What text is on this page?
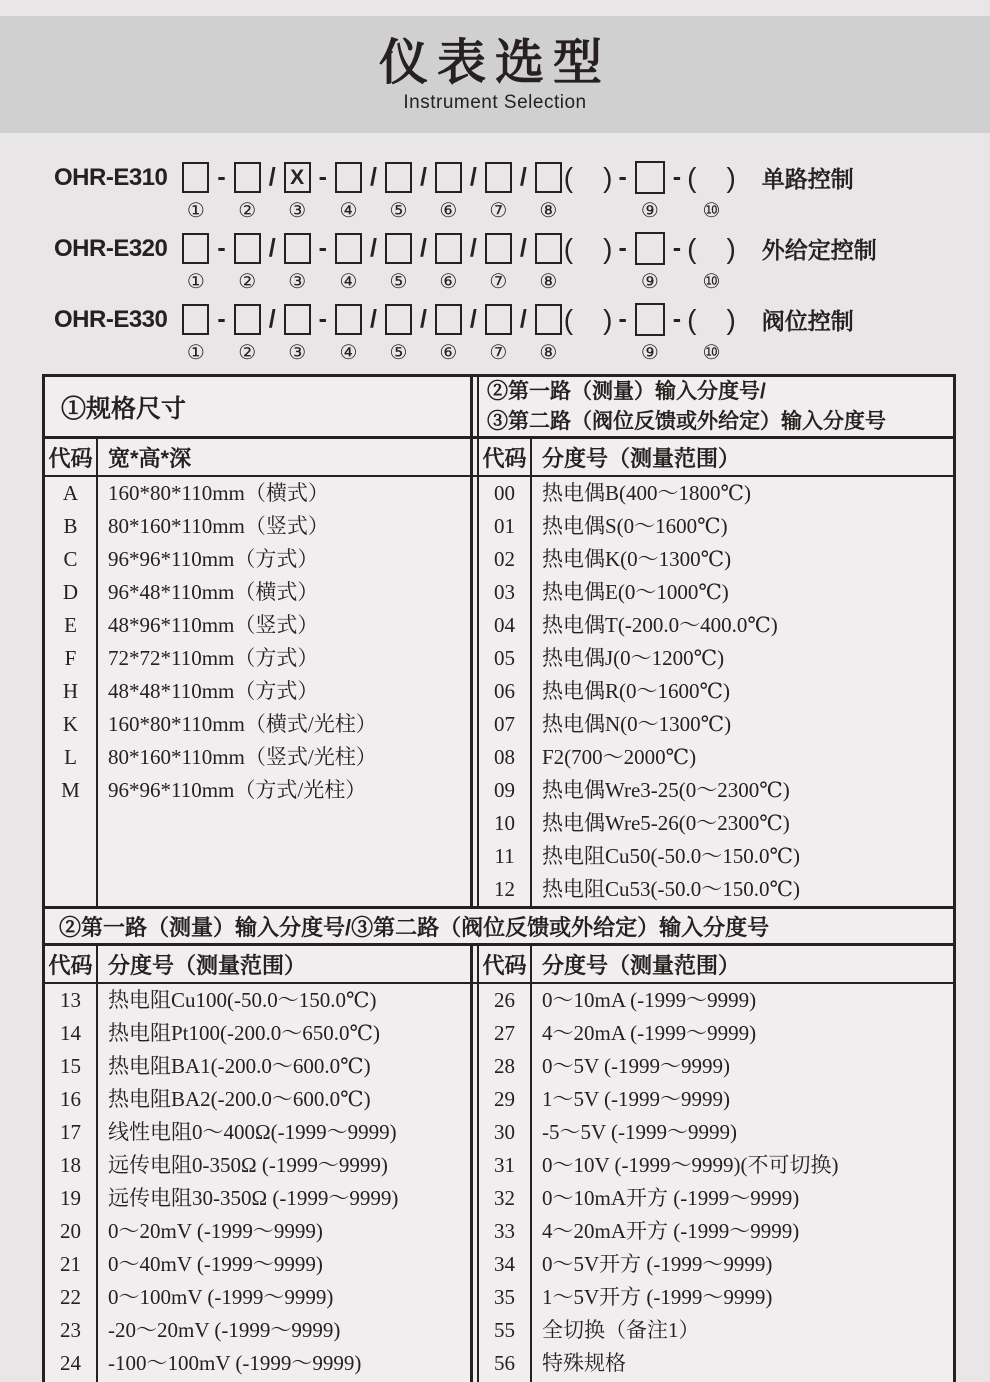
仪表选型
Instrument Selection
OHR-E310
①
-
②
/ X
③
-
④
/
⑤
/
⑥
/
⑦
/
⑧
( ) -
⑨
- ( )
⑩
单路控制
OHR-E320
①
-
②
/
③
-
④
/
⑤
/
⑥
/
⑦
/
⑧
( ) -
⑨
- ( )
⑩
外给定控制
OHR-E330
①
-
②
/
③
-
④
/
⑤
/
⑥
/
⑦
/
⑧
( ) -
⑨
- ( )
⑩
阀位控制
①规格尺寸
②第一路（测量）输入分度号/
③第二路（阀位反馈或外给定）输入分度号
代码 宽*高*深	代码 分度号（测量范围）
A
B
C
D
E
F
H
K
L
M
160*80*110mm（横式）
80*160*110mm（竖式）
96*96*110mm（方式）
96*48*110mm（横式）
48*96*110mm（竖式）
72*72*110mm（方式）
48*48*110mm（方式）
160*80*110mm（横式/光柱）
80*160*110mm（竖式/光柱）
96*96*110mm（方式/光柱）
00
01
02
03
04
05
06
07
08
09
10
11
12
热电偶B(400～1800℃)
热电偶S(0～1600℃)
热电偶K(0～1300℃)
热电偶E(0～1000℃)
热电偶T(-200.0～400.0℃)
热电偶J(0～1200℃)
热电偶R(0～1600℃)
热电偶N(0～1300℃)
F2(700～2000℃)
热电偶Wre3-25(0～2300℃)
热电偶Wre5-26(0～2300℃)
热电阻Cu50(-50.0～150.0℃)
热电阻Cu53(-50.0～150.0℃)
②第一路（测量）输入分度号/③第二路（阀位反馈或外给定）输入分度号
代码 分度号（测量范围）	代码 分度号（测量范围）
13
14
15
16
17
18
19
20
21
22
23
24
热电阻Cu100(-50.0～150.0℃)
热电阻Pt100(-200.0～650.0℃)
热电阻BA1(-200.0～600.0℃)
热电阻BA2(-200.0～600.0℃)
线性电阻0～400Ω(-1999～9999)
远传电阻0-350Ω (-1999～9999)
远传电阻30-350Ω (-1999～9999)
0～20mV (-1999～9999)
0～40mV (-1999～9999)
0～100mV (-1999～9999)
-20～20mV (-1999～9999)
-100～100mV (-1999～9999)
26
27
28
29
30
31
32
33
34
35
55
56
0～10mA (-1999～9999)
4～20mA (-1999～9999)
0～5V (-1999～9999)
1～5V (-1999～9999)
-5～5V (-1999～9999)
0～10V (-1999～9999)(不可切换)
0～10mA开方 (-1999～9999)
4～20mA开方 (-1999～9999)
0～5V开方 (-1999～9999)
1～5V开方 (-1999～9999)
全切换（备注1）
特殊规格
